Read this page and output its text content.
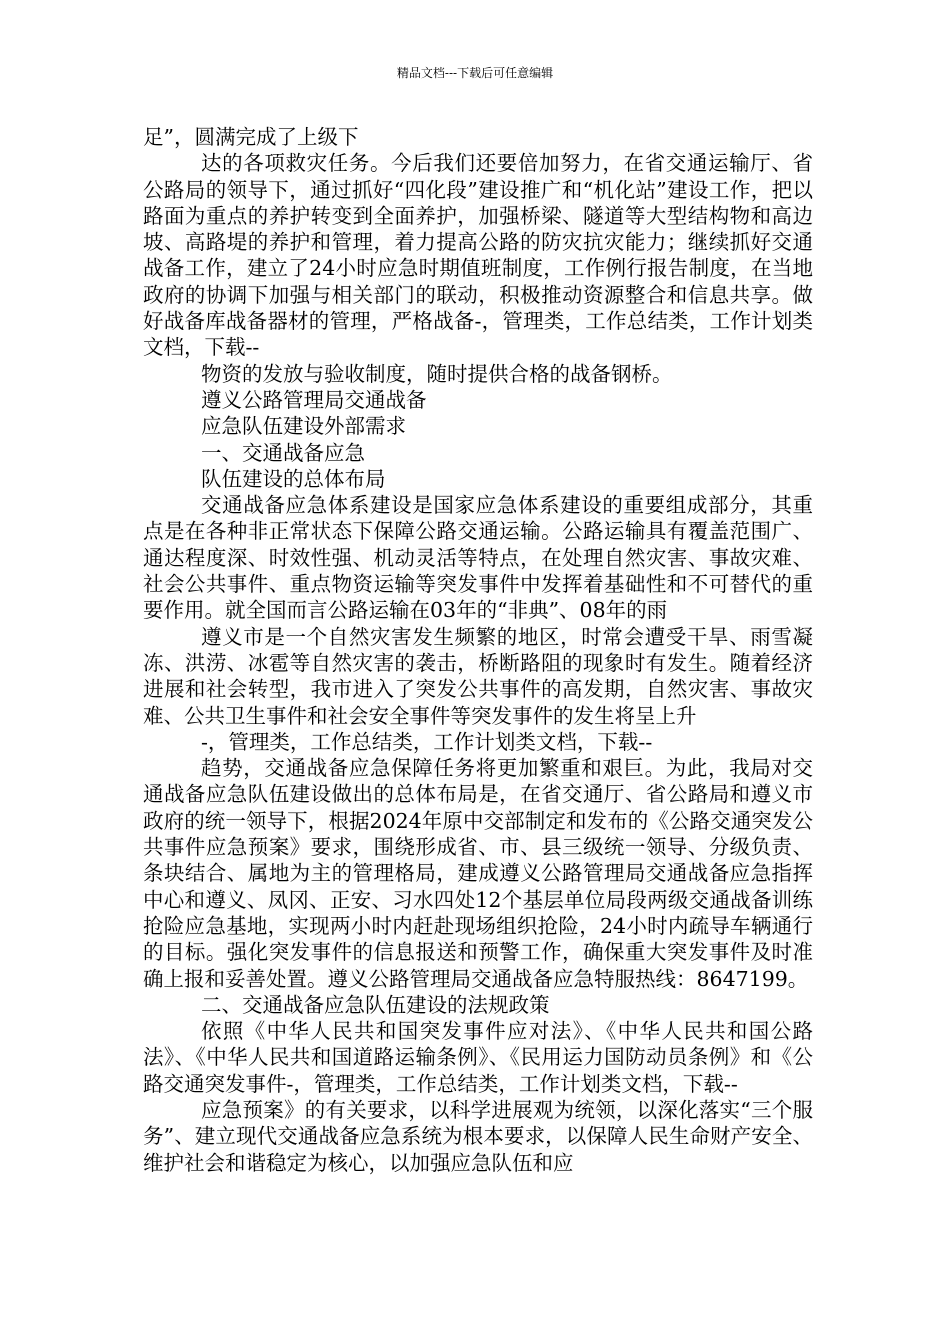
精品文档---下载后可任意编辑

足”，圆满完成了上级下

达的各项救灾任务。今后我们还要倍加努力，在省交通运输厅、省公路局的领导下，通过抓好“四化段”建设推广和“机化站”建设工作，把以路面为重点的养护转变到全面养护，加强桥梁、隧道等大型结构物和高边坡、高路堤的养护和管理，着力提高公路的防灾抗灾能力；继续抓好交通战备工作，建立了24小时应急时期值班制度，工作例行报告制度，在当地政府的协调下加强与相关部门的联动，积极推动资源整合和信息共享。做好战备库战备器材的管理，严格战备-，管理类，工作总结类，工作计划类文档，下载--

物资的发放与验收制度，随时提供合格的战备钢桥。

遵义公路管理局交通战备

应急队伍建设外部需求

一、交通战备应急

队伍建设的总体布局

交通战备应急体系建设是国家应急体系建设的重要组成部分，其重点是在各种非正常状态下保障公路交通运输。公路运输具有覆盖范围广、通达程度深、时效性强、机动灵活等特点，在处理自然灾害、事故灾难、社会公共事件、重点物资运输等突发事件中发挥着基础性和不可替代的重要作用。就全国而言公路运输在03年的“非典”、08年的雨

遵义市是一个自然灾害发生频繁的地区，时常会遭受干旱、雨雪凝冻、洪涝、冰雹等自然灾害的袭击，桥断路阻的现象时有发生。随着经济进展和社会转型，我市进入了突发公共事件的高发期，自然灾害、事故灾难、公共卫生事件和社会安全事件等突发事件的发生将呈上升

-，管理类，工作总结类，工作计划类文档，下载--

趋势，交通战备应急保障任务将更加繁重和艰巨。为此，我局对交通战备应急队伍建设做出的总体布局是，在省交通厅、省公路局和遵义市政府的统一领导下，根据2024年原中交部制定和发布的《公路交通突发公共事件应急预案》要求，围绕形成省、市、县三级统一领导、分级负责、条块结合、属地为主的管理格局，建成遵义公路管理局交通战备应急指挥中心和遵义、凤冈、正安、习水四处12个基层单位局段两级交通战备训练抢险应急基地，实现两小时内赶赴现场组织抢险，24小时内疏导车辆通行的目标。强化突发事件的信息报送和预警工作，确保重大突发事件及时准确上报和妥善处置。遵义公路管理局交通战备应急特服热线：8647199。

二、交通战备应急队伍建设的法规政策

依照《中华人民共和国突发事件应对法》、《中华人民共和国公路法》、《中华人民共和国道路运输条例》、《民用运力国防动员条例》和《公路交通突发事件-，管理类，工作总结类，工作计划类文档，下载--

应急预案》的有关要求，以科学进展观为统领，以深化落实“三个服务”、建立现代交通战备应急系统为根本要求，以保障人民生命财产安全、维护社会和谐稳定为核心，以加强应急队伍和应
